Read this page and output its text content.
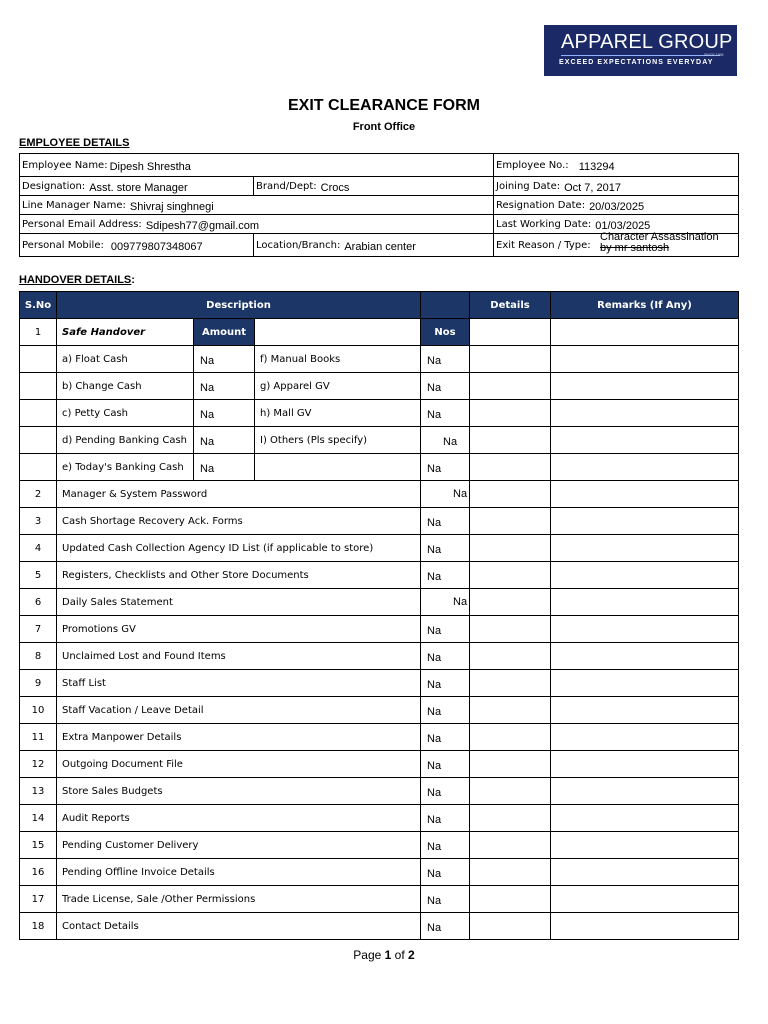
APPAREL GROUP
SINCE 1996
EXCEED EXPECTATIONS EVERYDAY
EXIT CLEARANCE FORM
Front Office
EMPLOYEE DETAILS
Employee Name: Dipesh Shrestha		Employee No.: 113294
Designation: Asst. store Manager	Brand/Dept: Crocs	Joining Date: Oct 7, 2017
Line Manager Name: Shivraj singhnegi		Resignation Date: 20/03/2025
Personal Email Address: Sdipesh77@gmail.com		Last Working Date: 01/03/2025
Personal Mobile: 009779807348067	Location/Branch: Arabian center	Exit Reason / Type:
Character Assassination
by mr santosh
HANDOVER DETAILS:
S.No	Description				Details	Remarks (If Any)
1	Safe Handover	Amount		Nos		
	a) Float Cash	Na	f) Manual Books	Na		
	b) Change Cash	Na	g) Apparel GV	Na		
	c) Petty Cash	Na	h) Mall GV	Na		
	d) Pending Banking Cash	Na	I) Others (Pls specify)	Na		
	e) Today's Banking Cash	Na		Na		
2	Manager & System Password			Na		
3	Cash Shortage Recovery Ack. Forms			Na		
4	Updated Cash Collection Agency ID List (if applicable to store)			Na		
5	Registers, Checklists and Other Store Documents			Na		
6	Daily Sales Statement			Na		
7	Promotions GV			Na		
8	Unclaimed Lost and Found Items			Na		
9	Staff List			Na		
10	Staff Vacation / Leave Detail			Na		
11	Extra Manpower Details			Na		
12	Outgoing Document File			Na		
13	Store Sales Budgets			Na		
14	Audit Reports			Na		
15	Pending Customer Delivery			Na		
16	Pending Offline Invoice Details			Na		
17	Trade License, Sale /Other Permissions			Na		
18	Contact Details			Na		
Page 1 of 2
